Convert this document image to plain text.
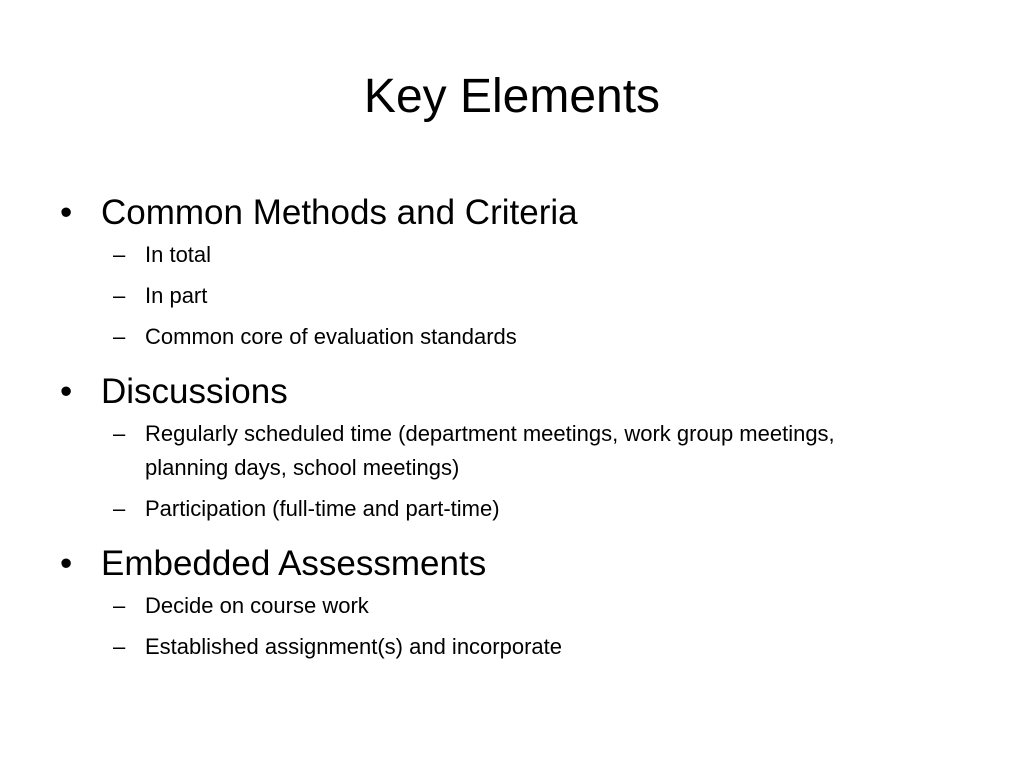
Key Elements
• Common Methods and Criteria
– In total
– In part
– Common core of evaluation standards
• Discussions
– Regularly scheduled time (department meetings, work group meetings, planning days, school meetings)
– Participation (full-time and part-time)
• Embedded Assessments
– Decide on course work
– Established assignment(s) and incorporate
